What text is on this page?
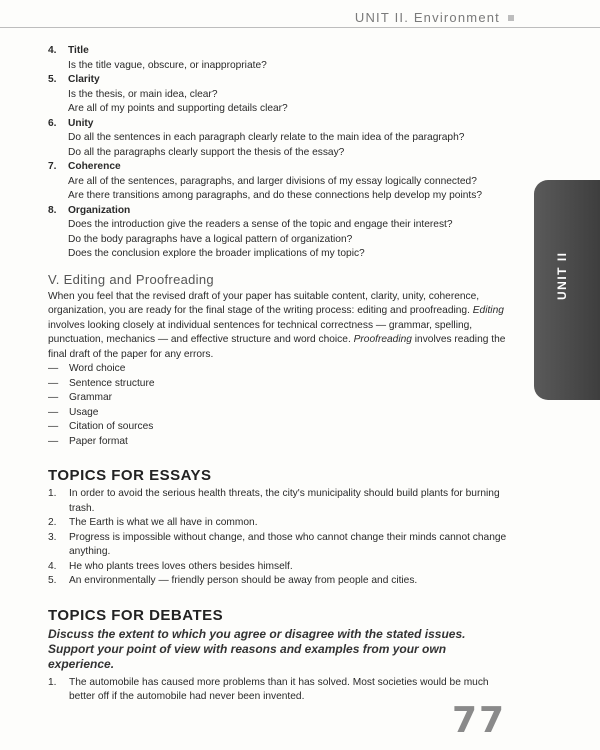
UNIT II. Environment
UNIT II
4.	Title
Is the title vague, obscure, or inappropriate?
5.	Clarity
Is the thesis, or main idea, clear?
Are all of my points and supporting details clear?
6.	Unity
Do all the sentences in each paragraph clearly relate to the main idea of the paragraph?
Do all the paragraphs clearly support the thesis of the essay?
7.	Coherence
Are all of the sentences, paragraphs, and larger divisions of my essay logically connected?
Are there transitions among paragraphs, and do these connections help develop my points?
8.	Organization
Does the introduction give the readers a sense of the topic and engage their interest?
Do the body paragraphs have a logical pattern of organization?
Does the conclusion explore the broader implications of my topic?
V. Editing and Proofreading
When you feel that the revised draft of your paper has suitable content, clarity, unity, coherence, organization, you are ready for the final stage of the writing process: editing and proofreading. Editing involves looking closely at individual sentences for technical correctness — grammar, spelling, punctuation, mechanics — and effective structure and word choice. Proofreading involves reading the final draft of the paper for any errors.
—	Word choice
—	Sentence structure
—	Grammar
—	Usage
—	Citation of sources
—	Paper format
TOPICS FOR ESSAYS
1.	In order to avoid the serious health threats, the city's municipality should build plants for burning trash.
2.	The Earth is what we all have in common.
3.	Progress is impossible without change, and those who cannot change their minds cannot change anything.
4.	He who plants trees loves others besides himself.
5.	An environmentally — friendly person should be away from people and cities.
TOPICS FOR DEBATES
Discuss the extent to which you agree or disagree with the stated issues. Support your point of view with reasons and examples from your own experience.
1.	The automobile has caused more problems than it has solved. Most societies would be much better off if the automobile had never been invented.
77
